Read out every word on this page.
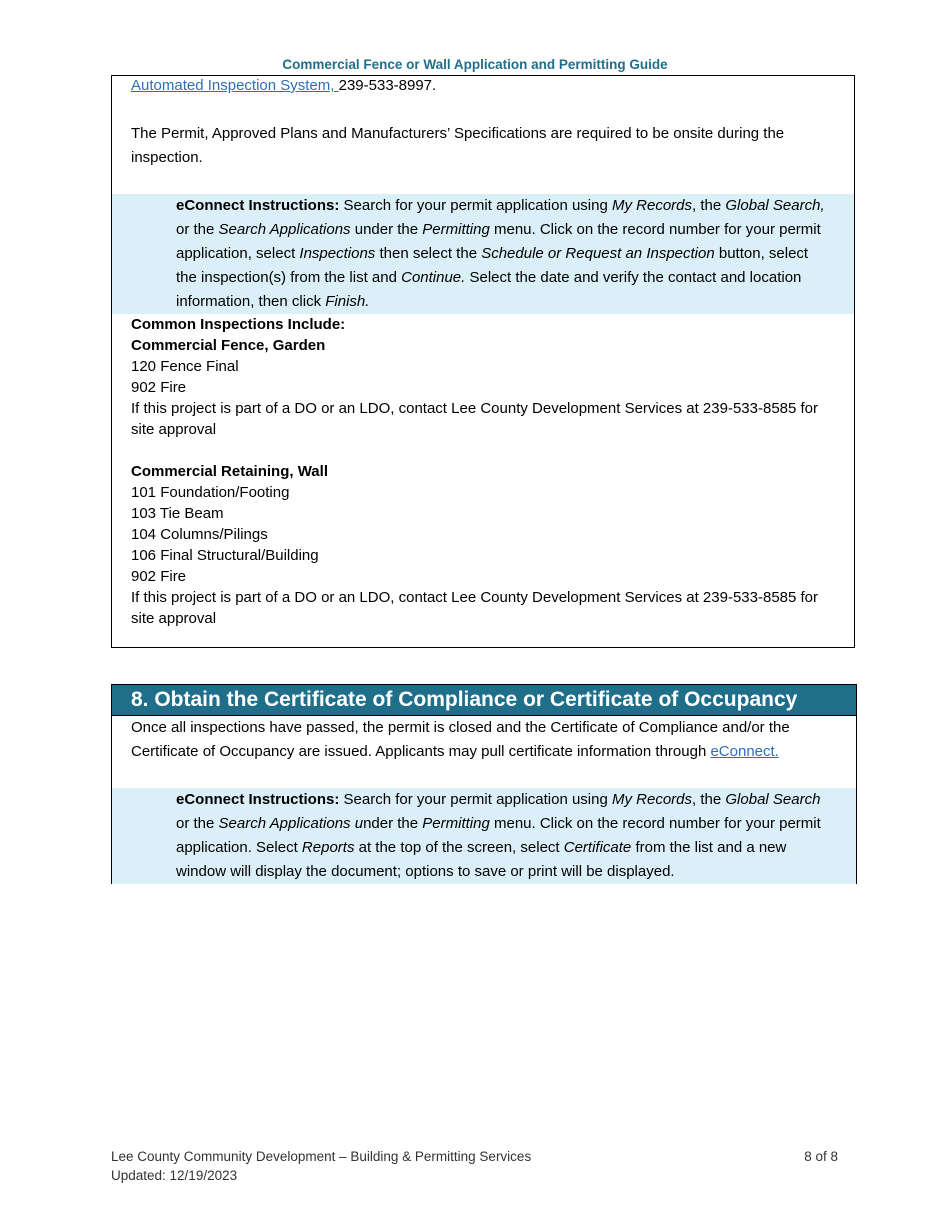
Commercial Fence or Wall Application and Permitting Guide
Automated Inspection System, 239-533-8997.
The Permit, Approved Plans and Manufacturers’ Specifications are required to be onsite during the inspection.
eConnect Instructions: Search for your permit application using My Records, the Global Search, or the Search Applications under the Permitting menu. Click on the record number for your permit application, select Inspections then select the Schedule or Request an Inspection button, select the inspection(s) from the list and Continue. Select the date and verify the contact and location information, then click Finish.
Common Inspections Include:
Commercial Fence, Garden
120 Fence Final
902 Fire
If this project is part of a DO or an LDO, contact Lee County Development Services at 239-533-8585 for site approval
Commercial Retaining, Wall
101 Foundation/Footing
103 Tie Beam
104 Columns/Pilings
106 Final Structural/Building
902 Fire
If this project is part of a DO or an LDO, contact Lee County Development Services at 239-533-8585 for site approval
8. Obtain the Certificate of Compliance or Certificate of Occupancy
Once all inspections have passed, the permit is closed and the Certificate of Compliance and/or the Certificate of Occupancy are issued. Applicants may pull certificate information through eConnect.
eConnect Instructions: Search for your permit application using My Records, the Global Search or the Search Applications under the Permitting menu. Click on the record number for your permit application. Select Reports at the top of the screen, select Certificate from the list and a new window will display the document; options to save or print will be displayed.
Lee County Community Development – Building & Permitting Services
Updated: 12/19/2023
8 of 8
